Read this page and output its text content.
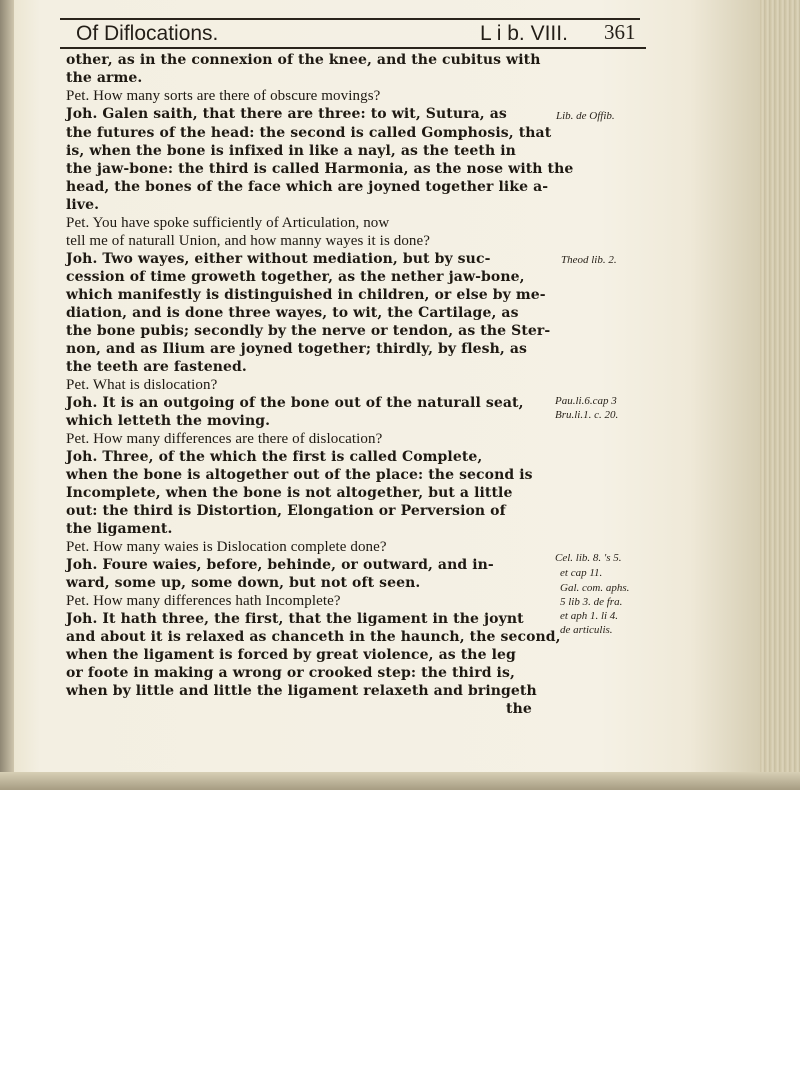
Of Diflocations.	L i b. VIII. 361
other, as in the connexion of the knee, and the cubitus with
the arme.
Pet. How many sorts are there of obscure movings?
Joh. Galen saith, that there are three: to wit, Sutura, as
the futures of the head: the second is called Gomphosis, that
is, when the bone is infixed in like a nayl, as the teeth in
the jaw-bone: the third is called Harmonia, as the nose with the
head, the bones of the face which are joyned together like a-
live.
Pet. You have spoke sufficiently of Articulation, now
tell me of naturall Union, and how manny wayes it is done?
Joh. Two wayes, either without mediation, but by suc-
cession of time groweth together, as the nether jaw-bone,
which manifestly is distinguished in children, or else by me-
diation, and is done three wayes, to wit, the Cartilage, as
the bone pubis; secondly by the nerve or tendon, as the Ster-
non, and as Ilium are joyned together; thirdly, by flesh, as
the teeth are fastened.
Pet. What is dislocation?
Joh. It is an outgoing of the bone out of the naturall seat,
which letteth the moving.
Pet. How many differences are there of dislocation?
Joh. Three, of the which the first is called Complete,
when the bone is altogether out of the place: the second is
Incomplete, when the bone is not altogether, but a little
out: the third is Distortion, Elongation or Perversion of
the ligament.
Pet. How many waies is Dislocation complete done?
Joh. Foure waies, before, behinde, or outward, and in-
ward, some up, some down, but not oft seen.
Pet. How many differences hath Incomplete?
Joh. It hath three, the first, that the ligament in the joynt
and about it is relaxed as chanceth in the haunch, the second,
when the ligament is forced by great violence, as the leg
or foote in making a wrong or crooked step: the third is,
when by little and little the ligament relaxeth and bringeth
the
Lib. de Offib.
Theod lib. 2.
Pau.li.6.cap 3
Bru.li.1. c. 20.
Cel. lib. 8. 's 5.
et cap 11.
Gal. com. aphs.
5 lib 3. de fra.
et aph 1. li 4.
de articulis.
